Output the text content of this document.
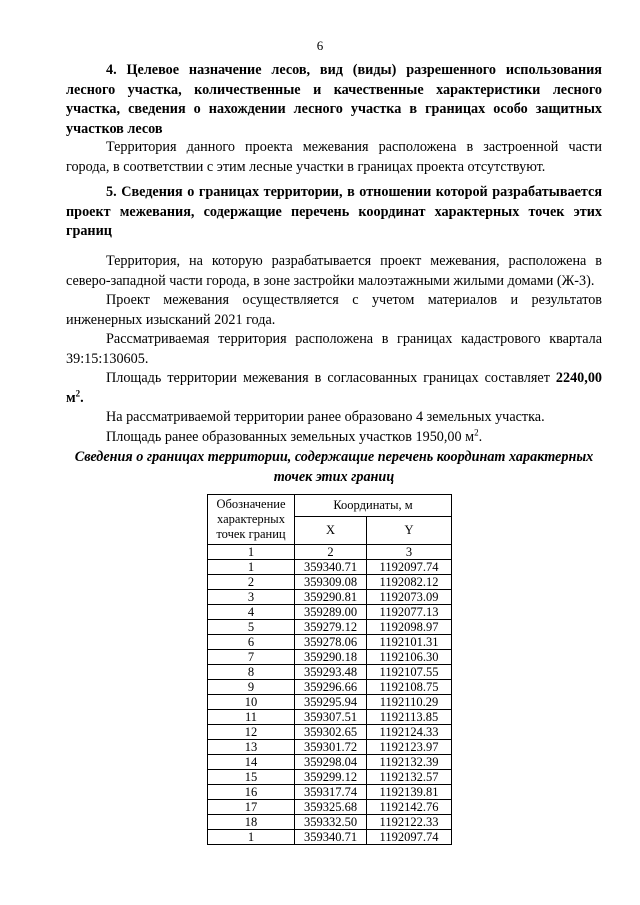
6
4. Целевое назначение лесов, вид (виды) разрешенного использования лесного участка, количественные и качественные характеристики лесного участка, сведения о нахождении лесного участка в границах особо защитных участков лесов
Территория данного проекта межевания расположена в застроенной части города, в соответствии с этим лесные участки в границах проекта отсутствуют.
5. Сведения о границах территории, в отношении которой разрабатывается проект межевания, содержащие перечень координат характерных точек этих границ

Территория, на которую разрабатывается проект межевания, расположена в северо-западной части города, в зоне застройки малоэтажными жилыми домами (Ж-3).

Проект межевания осуществляется с учетом материалов и результатов инженерных изысканий 2021 года.

Рассматриваемая территория расположена в границах кадастрового квартала 39:15:130605.

Площадь территории межевания в согласованных границах составляет 2240,00 $м^2$.

На рассматриваемой территории ранее образовано 4 земельных участка.

Площадь ранее образованных земельных участков 1950,00 $м^2$.

Сведения о границах территории, содержащие перечень координат характерных точек этих границ
Обозначение характерных точек границ	Координаты, м	
	X	Y
1	2	3
1	359340.71	1192097.74
2	359309.08	1192082.12
3	359290.81	1192073.09
4	359289.00	1192077.13
5	359279.12	1192098.97
6	359278.06	1192101.31
7	359290.18	1192106.30
8	359293.48	1192107.55
9	359296.66	1192108.75
10	359295.94	1192110.29
11	359307.51	1192113.85
12	359302.65	1192124.33
13	359301.72	1192123.97
14	359298.04	1192132.39
15	359299.12	1192132.57
16	359317.74	1192139.81
17	359325.68	1192142.76
18	359332.50	1192122.33
1	359340.71	1192097.74
